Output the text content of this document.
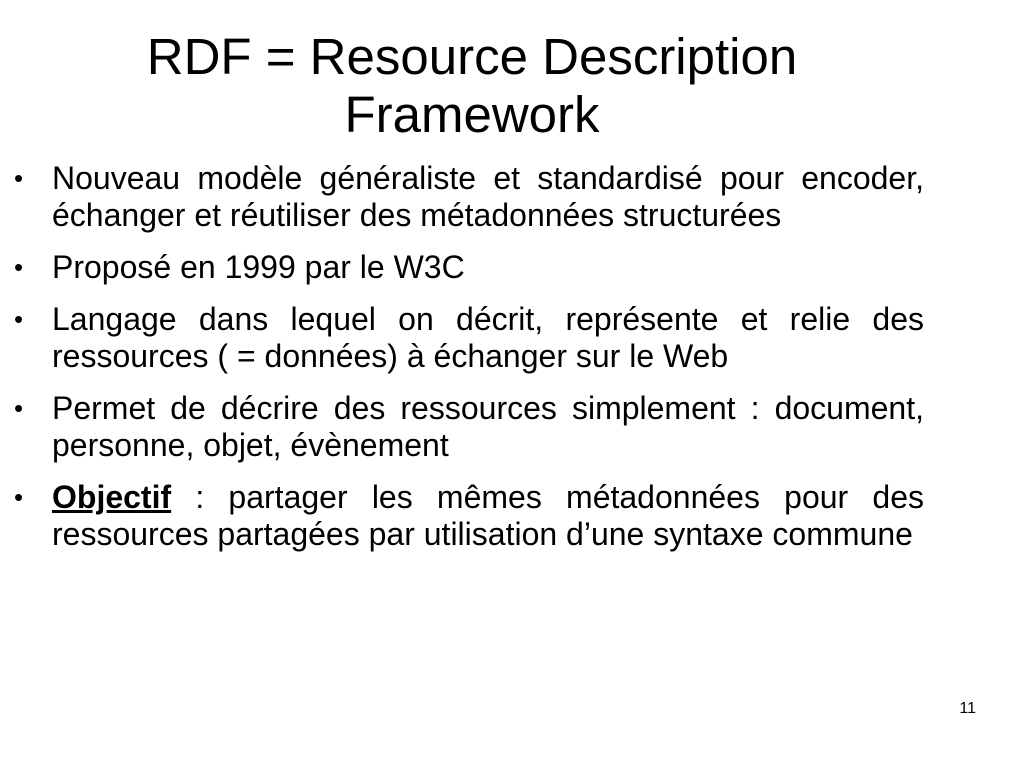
RDF = Resource Description
Framework
• Nouveau modèle généraliste et standardisé pour encoder, échanger et réutiliser des métadonnées structurées
• Proposé en 1999 par le W3C
• Langage dans lequel on décrit, représente et relie des ressources ( = données) à échanger sur le Web
• Permet de décrire des ressources simplement : document, personne, objet, évènement
• Objectif : partager les mêmes métadonnées pour des ressources partagées par utilisation d’une syntaxe commune
11
